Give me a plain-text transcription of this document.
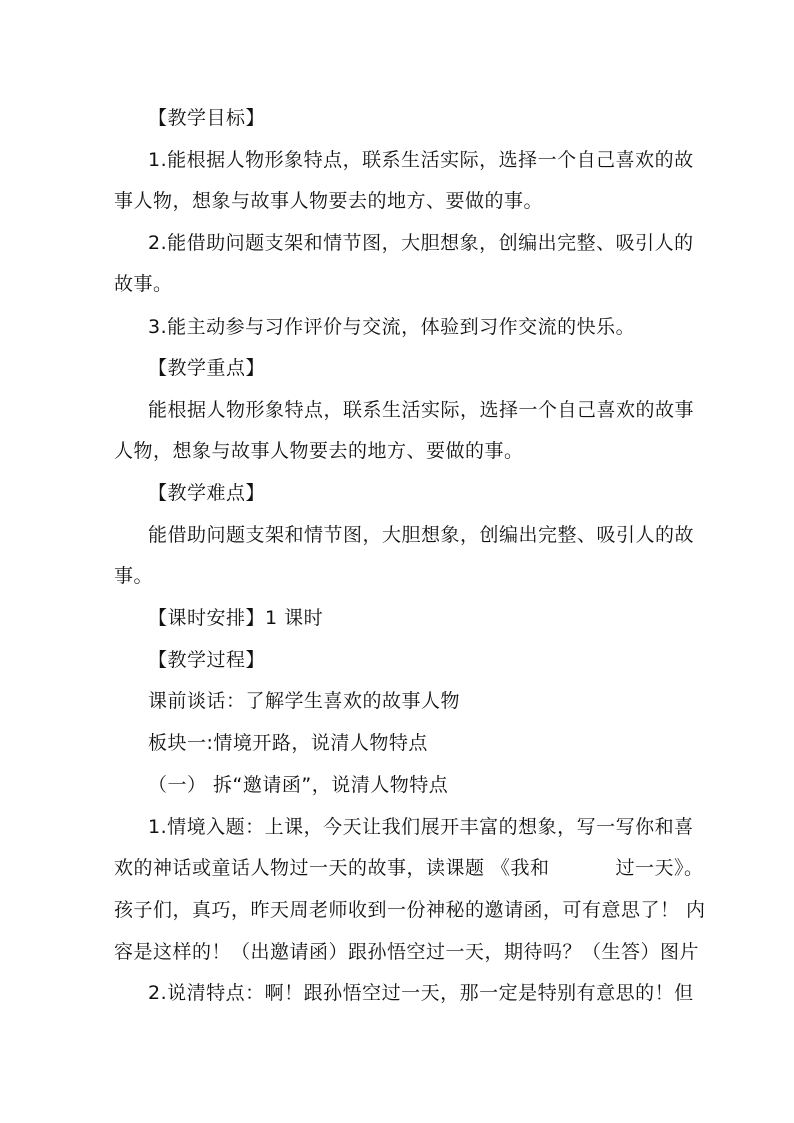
【教学目标】
1.能根据人物形象特点，联系生活实际，选择一个自己喜欢的故
事人物，想象与故事人物要去的地方、要做的事。
2.能借助问题支架和情节图，大胆想象，创编出完整、吸引人的
故事。
3.能主动参与习作评价与交流，体验到习作交流的快乐。
【教学重点】
能根据人物形象特点，联系生活实际，选择一个自己喜欢的故事
人物，想象与故事人物要去的地方、要做的事。
【教学难点】
能借助问题支架和情节图，大胆想象，创编出完整、吸引人的故
事。
【课时安排】1 课时
【教学过程】
课前谈话：了解学生喜欢的故事人物
板块一:情境开路，说清人物特点
（一） 拆“邀请函”，说清人物特点
1.情境入题：上课，今天让我们展开丰富的想象，写一写你和喜
欢的神话或童话人物过一天的故事，读课题 《我和	过一天》。
孩子们，真巧，昨天周老师收到一份神秘的邀请函，可有意思了！ 内
容是这样的！（出邀请函）跟孙悟空过一天，期待吗？（生答）图片
2.说清特点：啊！跟孙悟空过一天，那一定是特别有意思的！但
